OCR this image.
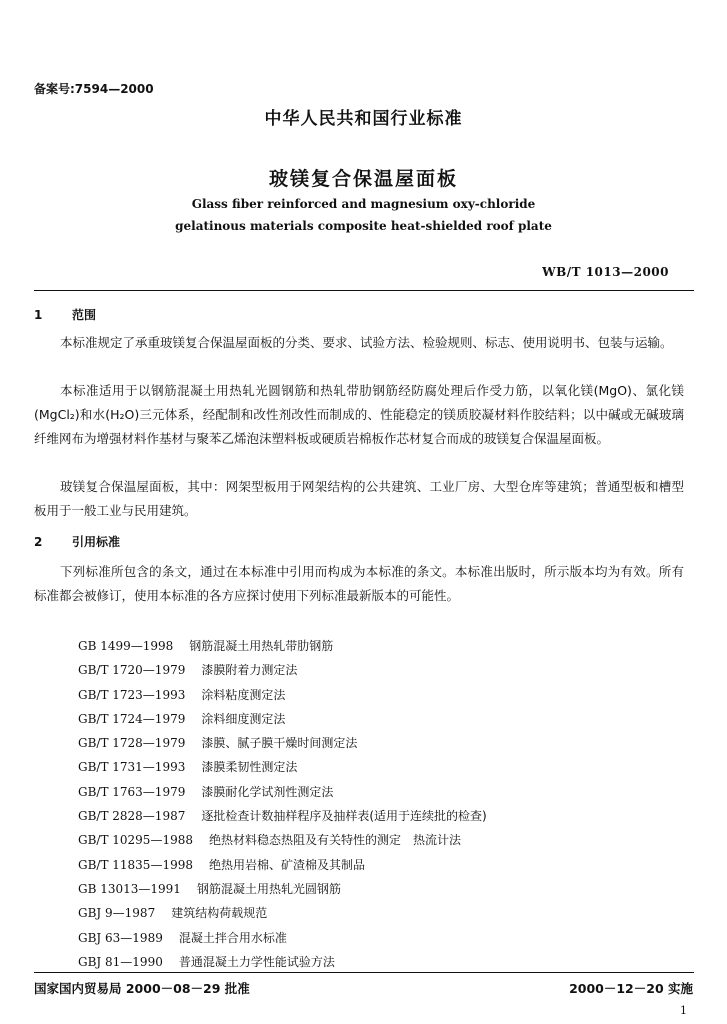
备案号:7594—2000
中华人民共和国行业标准
玻镁复合保温屋面板
Glass fiber reinforced and magnesium oxy-chloride
gelatinous materials composite heat-shielded roof plate
WB/T 1013—2000
1 范围
本标准规定了承重玻镁复合保温屋面板的分类、要求、试验方法、检验规则、标志、使用说明书、包装与运输。
本标准适用于以钢筋混凝土用热轧光圆钢筋和热轧带肋钢筋经防腐处理后作受力筋，以氧化镁(MgO)、氯化镁(MgCl₂)和水(H₂O)三元体系，经配制和改性剂改性而制成的、性能稳定的镁质胶凝材料作胶结料；以中碱或无碱玻璃纤维网布为增强材料作基材与聚苯乙烯泡沫塑料板或硬质岩棉板作芯材复合而成的玻镁复合保温屋面板。
玻镁复合保温屋面板，其中：网架型板用于网架结构的公共建筑、工业厂房、大型仓库等建筑；普通型板和槽型板用于一般工业与民用建筑。
2 引用标准
下列标准所包含的条文，通过在本标准中引用而构成为本标准的条文。本标准出版时，所示版本均为有效。所有标准都会被修订，使用本标准的各方应探讨使用下列标准最新版本的可能性。
GB 1499—1998 钢筋混凝土用热轧带肋钢筋
GB/T 1720—1979 漆膜附着力测定法
GB/T 1723—1993 涂料粘度测定法
GB/T 1724—1979 涂料细度测定法
GB/T 1728—1979 漆膜、腻子膜干燥时间测定法
GB/T 1731—1993 漆膜柔韧性测定法
GB/T 1763—1979 漆膜耐化学试剂性测定法
GB/T 2828—1987 逐批检查计数抽样程序及抽样表(适用于连续批的检查)
GB/T 10295—1988 绝热材料稳态热阻及有关特性的测定　热流计法
GB/T 11835—1998 绝热用岩棉、矿渣棉及其制品
GB 13013—1991 钢筋混凝土用热轧光圆钢筋
GBJ 9—1987 建筑结构荷载规范
GBJ 63—1989 混凝土拌合用水标准
GBJ 81—1990 普通混凝土力学性能试验方法
国家国内贸易局 2000－08－29 批准	2000－12－20 实施
1
